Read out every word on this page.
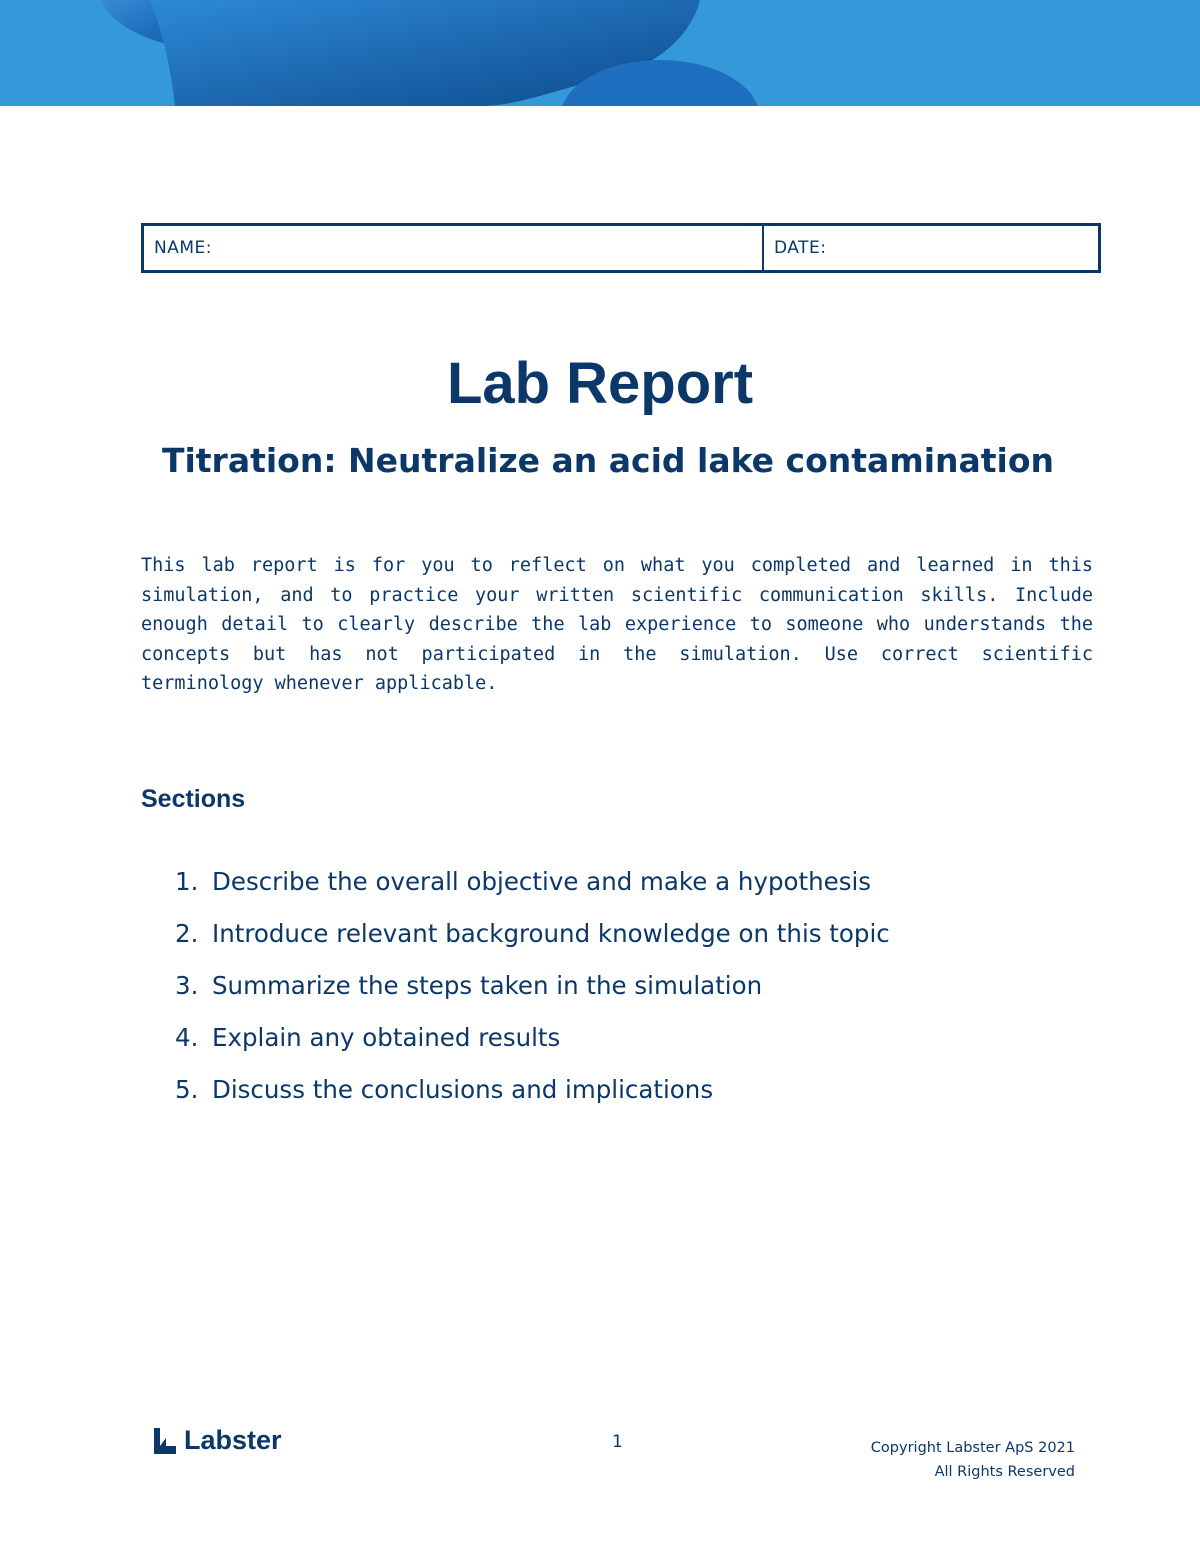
NAME:	DATE:
Lab Report
Titration: Neutralize an acid lake contamination

This lab report is for you to reflect on what you completed and learned in this simulation, and to practice your written scientific communication skills. Include enough detail to clearly describe the lab experience to someone who understands the concepts but has not participated in the simulation. Use correct scientific terminology whenever applicable.

Sections
1. Describe the overall objective and make a hypothesis
2. Introduce relevant background knowledge on this topic
3. Summarize the steps taken in the simulation
4. Explain any obtained results
5. Discuss the conclusions and implications
Labster	1	Copyright Labster ApS 2021
All Rights Reserved
